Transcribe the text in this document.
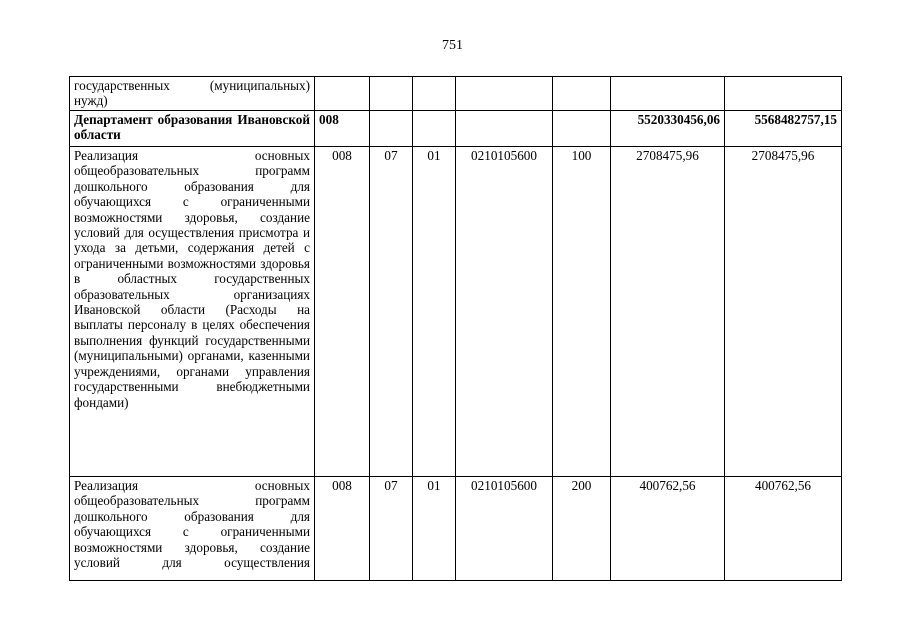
751
государственных (муниципальных) нужд)							
Департамент образования Ивановской области	008					5520330456,06	5568482757,15
Реализация основных общеобразовательных программ дошкольного образования для обучающихся с ограниченными возможностями здоровья, создание условий для осуществления присмотра и ухода за детьми, содержания детей с ограниченными возможностями здоровья в областных государственных образовательных организациях Ивановской области (Расходы на выплаты персоналу в целях обеспечения выполнения функций государственными (муниципальными) органами, казенными учреждениями, органами управления государственными внебюджетными фондами)	008	07	01	0210105600	100	2708475,96	2708475,96
Реализация основных общеобразовательных программ дошкольного образования для обучающихся с ограниченными возможностями здоровья, создание условий для осуществления	008	07	01	0210105600	200	400762,56	400762,56
